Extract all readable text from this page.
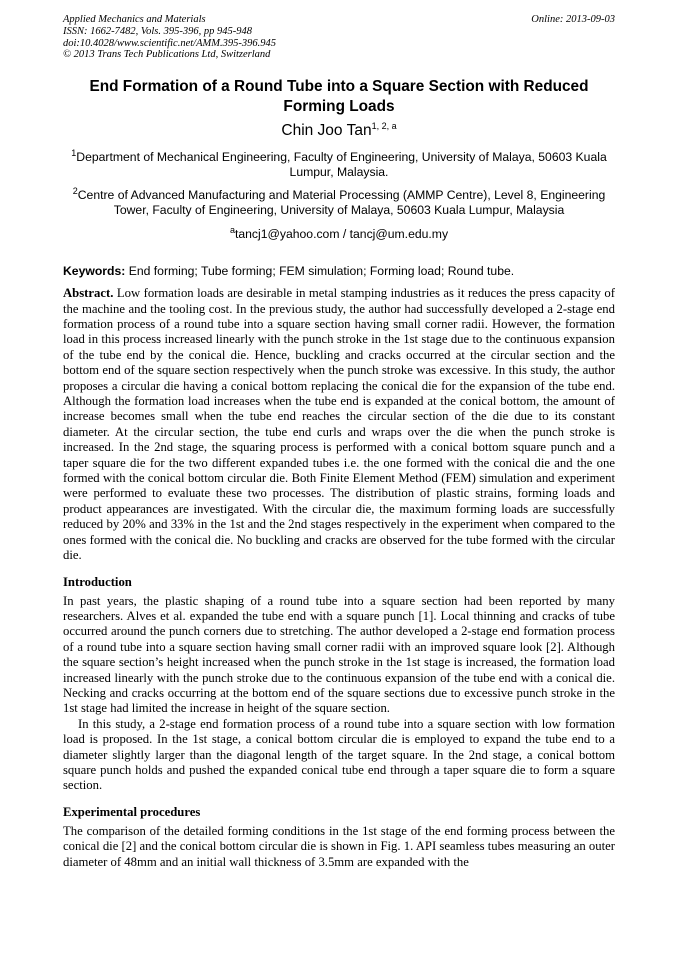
Applied Mechanics and Materials
ISSN: 1662-7482, Vols. 395-396, pp 945-948
doi:10.4028/www.scientific.net/AMM.395-396.945
© 2013 Trans Tech Publications Ltd, Switzerland
Online: 2013-09-03
End Formation of a Round Tube into a Square Section with Reduced Forming Loads
Chin Joo Tan$^{1, 2, a}$
$^1$Department of Mechanical Engineering, Faculty of Engineering, University of Malaya, 50603 Kuala Lumpur, Malaysia.
$^2$Centre of Advanced Manufacturing and Material Processing (AMMP Centre), Level 8, Engineering Tower, Faculty of Engineering, University of Malaya, 50603 Kuala Lumpur, Malaysia
$^a$tancj1@yahoo.com / tancj@um.edu.my
Keywords: End forming; Tube forming; FEM simulation; Forming load; Round tube.
Abstract. Low formation loads are desirable in metal stamping industries as it reduces the press capacity of the machine and the tooling cost. In the previous study, the author had successfully developed a 2-stage end formation process of a round tube into a square section having small corner radii. However, the formation load in this process increased linearly with the punch stroke in the 1st stage due to the continuous expansion of the tube end by the conical die. Hence, buckling and cracks occurred at the circular section and the bottom end of the square section respectively when the punch stroke was excessive. In this study, the author proposes a circular die having a conical bottom replacing the conical die for the expansion of the tube end. Although the formation load increases when the tube end is expanded at the conical bottom, the amount of increase becomes small when the tube end reaches the circular section of the die due to its constant diameter. At the circular section, the tube end curls and wraps over the die when the punch stroke is increased. In the 2nd stage, the squaring process is performed with a conical bottom square punch and a taper square die for the two different expanded tubes i.e. the one formed with the conical die and the one formed with the conical bottom circular die. Both Finite Element Method (FEM) simulation and experiment were performed to evaluate these two processes. The distribution of plastic strains, forming loads and product appearances are investigated. With the circular die, the maximum forming loads are successfully reduced by 20% and 33% in the 1st and the 2nd stages respectively in the experiment when compared to the ones formed with the conical die. No buckling and cracks are observed for the tube formed with the circular die.
Introduction

In past years, the plastic shaping of a round tube into a square section had been reported by many researchers. Alves et al. expanded the tube end with a square punch [1]. Local thinning and cracks of tube occurred around the punch corners due to stretching. The author developed a 2-stage end formation process of a round tube into a square section having small corner radii with an improved square look [2]. Although the square section’s height increased when the punch stroke in the 1st stage is increased, the formation load increased linearly with the punch stroke due to the continuous expansion of the tube end with a conical die. Necking and cracks occurring at the bottom end of the square sections due to excessive punch stroke in the 1st stage had limited the increase in height of the square section.

In this study, a 2-stage end formation process of a round tube into a square section with low formation load is proposed. In the 1st stage, a conical bottom circular die is employed to expand the tube end to a diameter slightly larger than the diagonal length of the target square. In the 2nd stage, a conical bottom square punch holds and pushed the expanded conical tube end through a taper square die to form a square section.

Experimental procedures

The comparison of the detailed forming conditions in the 1st stage of the end forming process between the conical die [2] and the conical bottom circular die is shown in Fig. 1. API seamless tubes measuring an outer diameter of 48mm and an initial wall thickness of 3.5mm are expanded with the
